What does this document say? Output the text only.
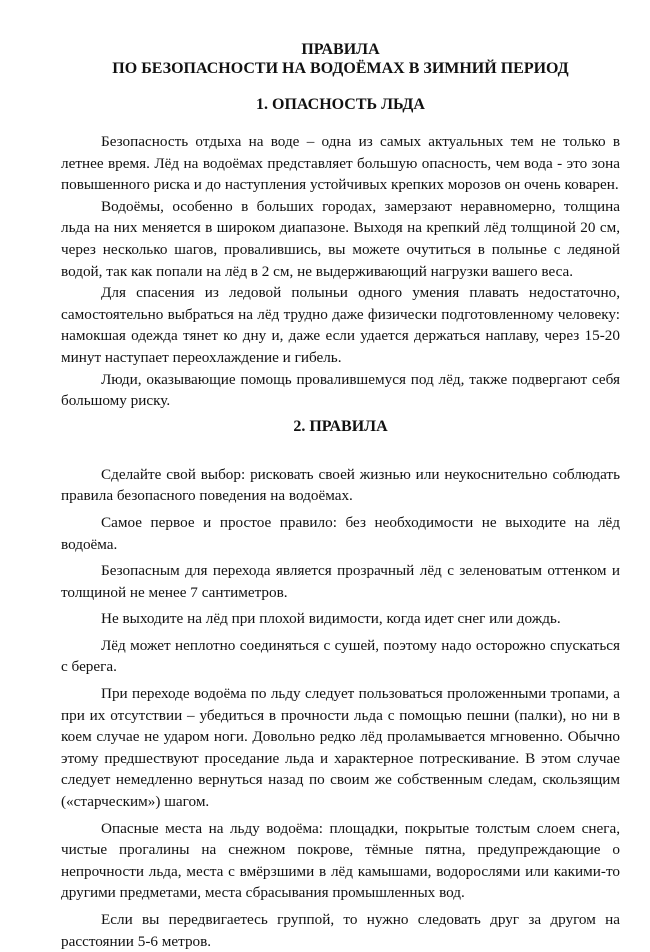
ПРАВИЛА

ПО БЕЗОПАСНОСТИ НА ВОДОЁМАХ В ЗИМНИЙ ПЕРИОД

1. ОПАСНОСТЬ ЛЬДА

Безопасность отдыха на воде – одна из самых актуальных тем не только в летнее время. Лёд на водоёмах представляет большую опасность, чем вода - это зона повышенного риска и до наступления устойчивых крепких морозов он очень коварен.

Водоёмы, особенно в больших городах, замерзают неравномерно, толщина льда на них меняется в широком диапазоне. Выходя на крепкий лёд толщиной 20 см, через несколько шагов, провалившись, вы можете очутиться в полынье с ледяной водой, так как попали на лёд в 2 см, не выдерживающий нагрузки вашего веса.

Для спасения из ледовой полыньи одного умения плавать недостаточно, самостоятельно выбраться на лёд трудно даже физически подготовленному человеку: намокшая одежда тянет ко дну и, даже если удается держаться наплаву, через 15-20 минут наступает переохлаждение и гибель.

Люди, оказывающие помощь провалившемуся под лёд, также подвергают себя большому риску.

2. ПРАВИЛА

Сделайте свой выбор: рисковать своей жизнью или неукоснительно соблюдать правила безопасного поведения на водоёмах.

Самое первое и простое правило: без необходимости не выходите на лёд водоёма.

Безопасным для перехода является прозрачный лёд с зеленоватым оттенком и толщиной не менее 7 сантиметров.

Не выходите на лёд при плохой видимости, когда идет снег или дождь.

Лёд может неплотно соединяться с сушей, поэтому надо осторожно спускаться с берега.

При переходе водоёма по льду следует пользоваться проложенными тропами, а при их отсутствии – убедиться в прочности льда с помощью пешни (палки), но ни в коем случае не ударом ноги. Довольно редко лёд проламывается мгновенно. Обычно этому предшествуют проседание льда и характерное потрескивание. В этом случае следует немедленно вернуться назад по своим же собственным следам, скользящим («старческим») шагом.

Опасные места на льду водоёма: площадки, покрытые толстым слоем снега, чистые прогалины на снежном покрове, тёмные пятна, предупреждающие о непрочности льда, места с вмёрзшими в лёд камышами, водорослями или какими-то другими предметами, места сбрасывания промышленных вод.

Если вы передвигаетесь группой, то нужно следовать друг за другом на расстоянии 5-6 метров.
